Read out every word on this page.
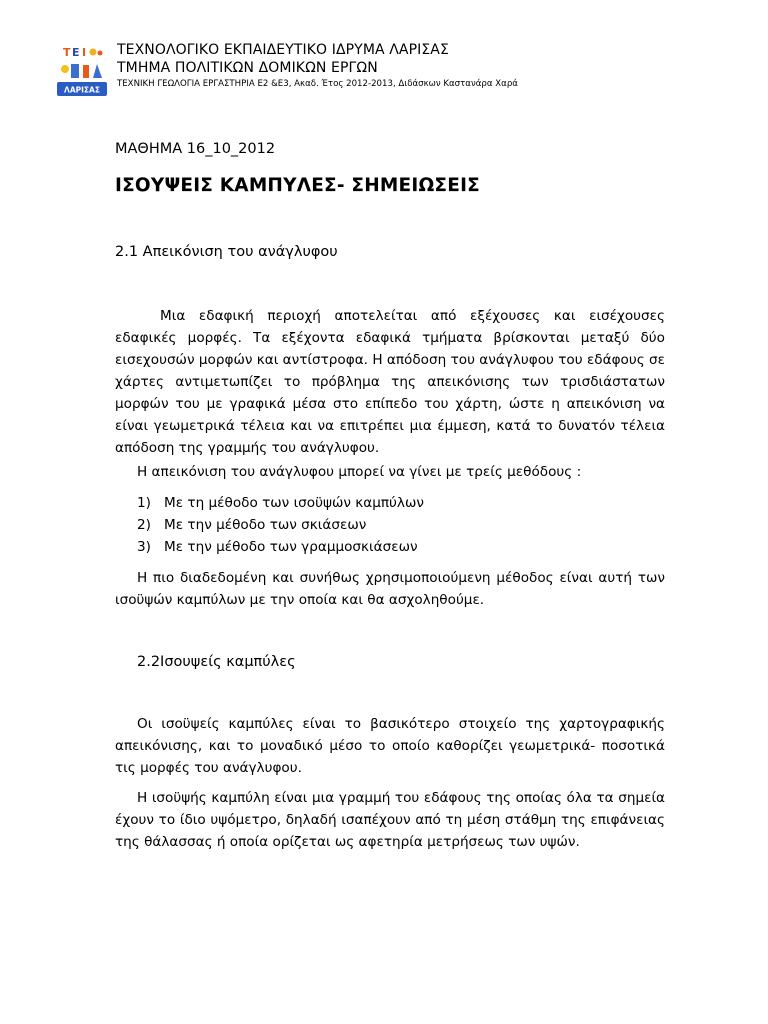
T E I
ΛΑΡΙΣΑΣ
ΤΕΧΝΟΛΟΓΙΚΟ ΕΚΠΑΙΔΕΥΤΙΚΟ ΙΔΡΥΜΑ ΛΑΡΙΣΑΣ
ΤΜΗΜΑ ΠΟΛΙΤΙΚΩΝ ΔΟΜΙΚΩΝ ΕΡΓΩΝ
ΤΕΧΝΙΚΗ ΓΕΩΛΟΓΙΑ ΕΡΓΑΣΤΗΡΙΑ Ε2 &Ε3, Ακαδ. Έτος 2012-2013, Διδάσκων Κασταν‍άρα Χαρά
ΜΑΘΗΜΑ 16_10_2012
ΙΣΟΥΨΕΙΣ ΚΑΜΠΥΛΕΣ- ΣΗΜΕΙΩΣΕΙΣ
2.1 Απεικόνιση του ανάγλυφου
Μια εδαφική περιοχή αποτελείται από εξέχουσες και εισέχουσες εδαφικές μορφές. Τα εξέχοντα εδαφικά τμήματα βρίσκονται μεταξύ δύο εισεχουσών μορφών και αντίστροφα. Η απόδοση του ανάγλυφου του εδάφους σε χάρτες αντιμετωπίζει το πρόβλημα της απεικόνισης των τρισδιάστατων μορφών του με γραφικά μέσα στο επίπεδο του χάρτη, ώστε η απεικόνιση να είναι γεωμετρικά τέλεια και να επιτρέπει μια έμμεση, κατά το δυνατόν τέλεια απόδοση της γραμμής του ανάγλυφου.
Η απεικόνιση του ανάγλυφου μπορεί να γίνει με τρείς μεθόδους :
1) Με τη μέθοδο των ισοϋψών καμπύλων
2) Με την μέθοδο των σκιάσεων
3) Με την μέθοδο των γραμμοσκιάσεων
Η πιο διαδεδομένη και συνήθως χρησιμοποιούμενη μέθοδος είναι αυτή των ισοϋψών καμπύλων με την οποία και θα ασχοληθούμε.
2.2Ισουψείς καμπύλες
Οι ισοϋψείς καμπύλες είναι το βασικότερο στοιχείο της χαρτογραφικής απεικόνισης, και το μοναδικό μέσο το οποίο καθορίζει γεωμετρικά- ποσοτικά τις μορφές του ανάγλυφου.
Η ισοϋψής καμπύλη είναι μια γραμμή του εδάφους της οποίας όλα τα σημεία έχουν το ίδιο υψόμετρο, δηλαδή ισαπέχουν από τη μέση στάθμη της επιφάνειας της θάλασσας ή οποία ορίζεται ως αφετηρία μετρήσεως των υψών.
